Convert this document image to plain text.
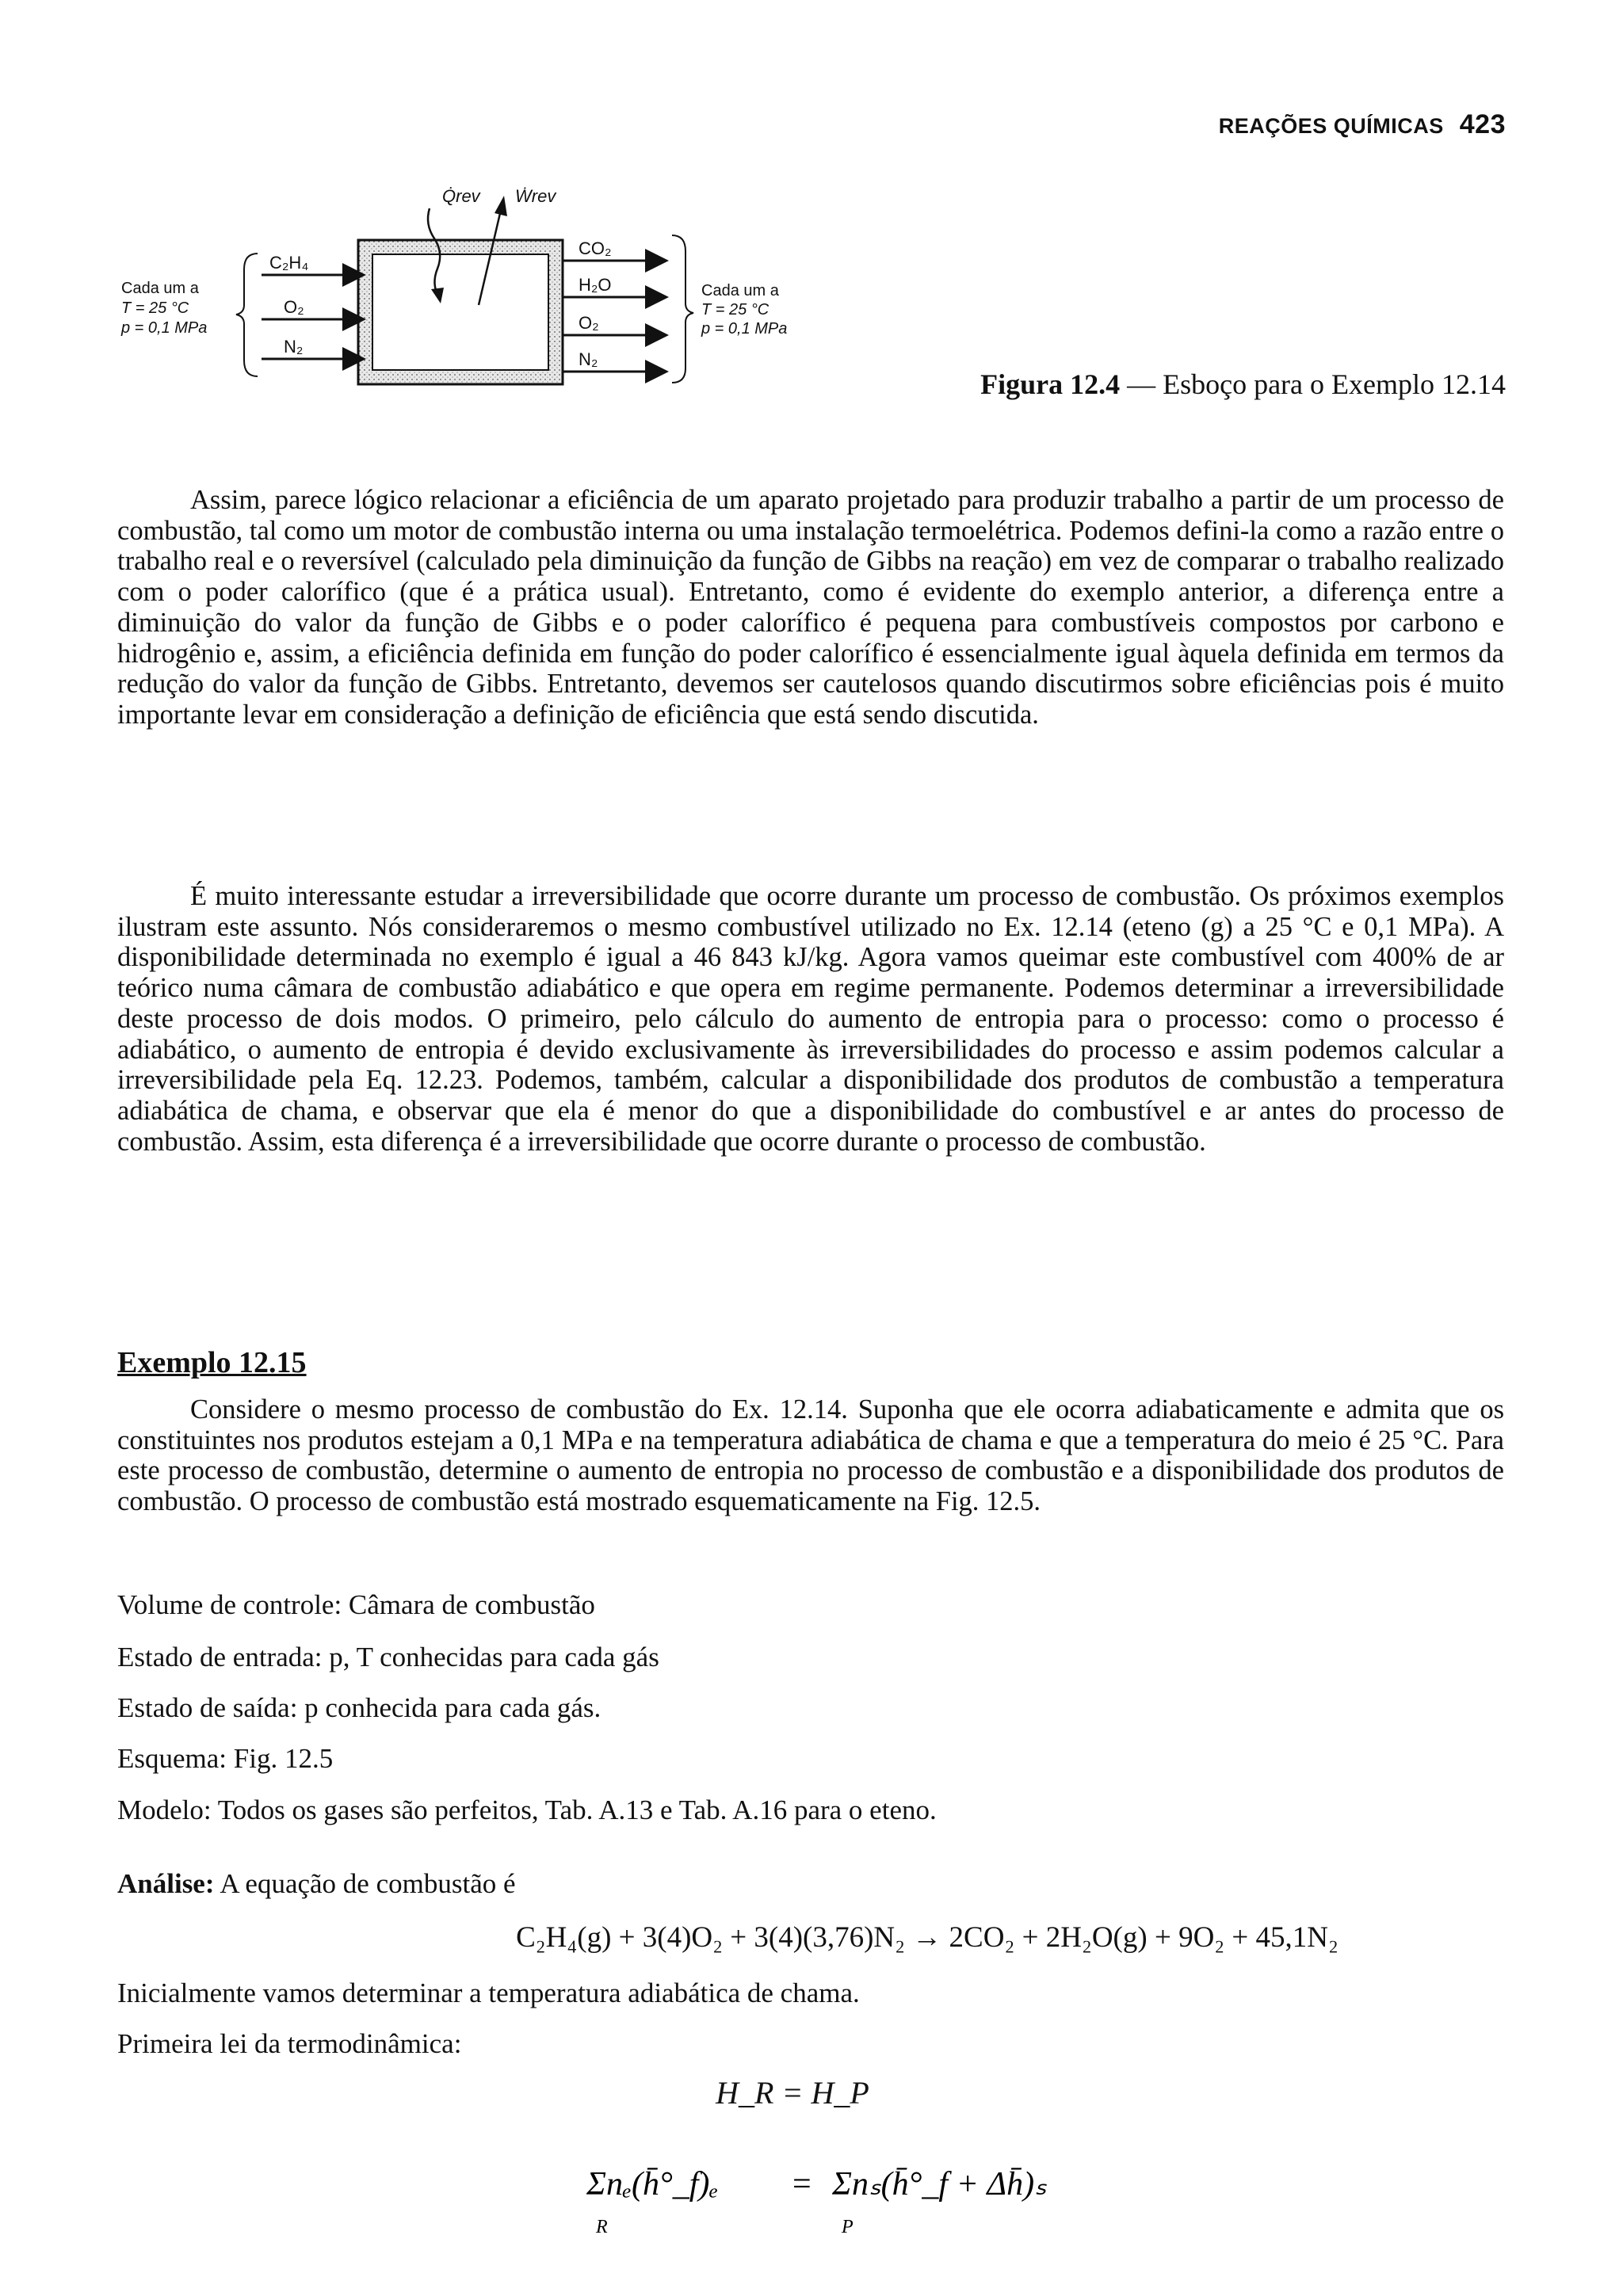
REAÇÕES QUÍMICAS 423
Cada um a
T = 25 °C
p = 0,1 MPa
C₂H₄
O₂
N₂
CO₂
H₂O
O₂
N₂
Cada um a
T = 25 °C
p = 0,1 MPa
Q̇rev Ẇrev
Figura 12.4 — Esboço para o Exemplo 12.14

Assim, parece lógico relacionar a eficiência de um aparato projetado para produzir trabalho a partir de um processo de combustão, tal como um motor de combustão interna ou uma instalação termoelétrica. Podemos defini-la como a razão entre o trabalho real e o reversível (calculado pela diminuição da função de Gibbs na reação) em vez de comparar o trabalho realizado com o poder calorífico (que é a prática usual). Entretanto, como é evidente do exemplo anterior, a diferença entre a diminuição do valor da função de Gibbs e o poder calorífico é pequena para combustíveis compostos por carbono e hidrogênio e, assim, a eficiência definida em função do poder calorífico é essencialmente igual àquela definida em termos da redução do valor da função de Gibbs. Entretanto, devemos ser cautelosos quando discutirmos sobre eficiências pois é muito importante levar em consideração a definição de eficiência que está sendo discutida.

É muito interessante estudar a irreversibilidade que ocorre durante um processo de combustão. Os próximos exemplos ilustram este assunto. Nós consideraremos o mesmo combustível utilizado no Ex. 12.14 (eteno (g) a 25 °C e 0,1 MPa). A disponibilidade determinada no exemplo é igual a 46 843 kJ/kg. Agora vamos queimar este combustível com 400% de ar teórico numa câmara de combustão adiabático e que opera em regime permanente. Podemos determinar a irreversibilidade deste processo de dois modos. O primeiro, pelo cálculo do aumento de entropia para o processo: como o processo é adiabático, o aumento de entropia é devido exclusivamente às irreversibilidades do processo e assim podemos calcular a irreversibilidade pela Eq. 12.23. Podemos, também, calcular a disponibilidade dos produtos de combustão a temperatura adiabática de chama, e observar que ela é menor do que a disponibilidade do combustível e ar antes do processo de combustão. Assim, esta diferença é a irreversibilidade que ocorre durante o processo de combustão.

Exemplo 12.15

Considere o mesmo processo de combustão do Ex. 12.14. Suponha que ele ocorra adiabaticamente e admita que os constituintes nos produtos estejam a 0,1 MPa e na temperatura adiabática de chama e que a temperatura do meio é 25 °C. Para este processo de combustão, determine o aumento de entropia no processo de combustão e a disponibilidade dos produtos de combustão. O processo de combustão está mostrado esquematicamente na Fig. 12.5.

Volume de controle: Câmara de combustão
Estado de entrada: p, T conhecidas para cada gás
Estado de saída: p conhecida para cada gás.
Esquema: Fig. 12.5
Modelo: Todos os gases são perfeitos, Tab. A.13 e Tab. A.16 para o eteno.
Análise: A equação de combustão é
C₂H₄(g) + 3(4)O₂ + 3(4)(3,76)N₂ → 2CO₂ + 2H₂O(g) + 9O₂ + 45,1N₂
Inicialmente vamos determinar a temperatura adiabática de chama.
Primeira lei da termodinâmica:
H_R = H_P
Σnₑ(h̄°_f)ₑ = Σnₛ(h̄°_f + Δh̄)ₛ
R	P
